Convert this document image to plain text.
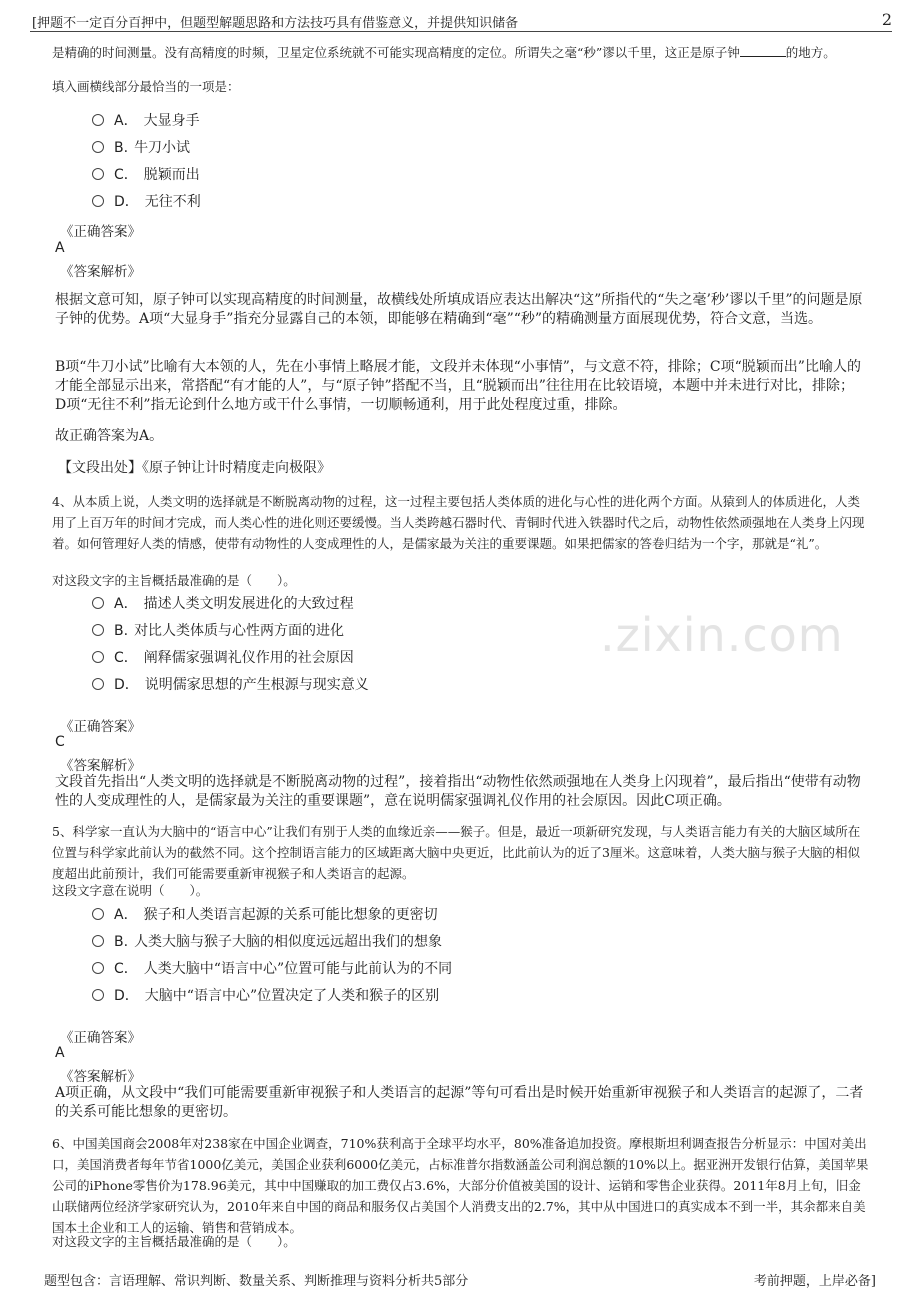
[押题不一定百分百押中，但题型解题思路和方法技巧具有借鉴意义，并提供知识储备	2
.zixin.com
是精确的时间测量。没有高精度的时频，卫星定位系统就不可能实现高精度的定位。所谓失之毫“秒”谬以千里，这正是原子钟	的地方。
填入画横线部分最恰当的一项是：
A． 大显身手
B. 牛刀小试
C． 脱颖而出
D． 无往不利
《正确答案》
A
《答案解析》
根据文意可知，原子钟可以实现高精度的时间测量，故横线处所填成语应表达出解决“这”所指代的“失之毫’秒’谬以千里”的问题是原子钟的优势。A项“大显身手”指充分显露自己的本领，即能够在精确到“毫”“秒”的精确测量方面展现优势，符合文意，当选。
B项“牛刀小试”比喻有大本领的人，先在小事情上略展才能，文段并未体现“小事情”，与文意不符，排除；C项“脱颖而出”比喻人的才能全部显示出来，常搭配“有才能的人”，与“原子钟”搭配不当，且“脱颖而出”往往用在比较语境，本题中并未进行对比，排除；D项“无往不利”指无论到什么地方或干什么事情，一切顺畅通利，用于此处程度过重，排除。
故正确答案为A。
【文段出处】《原子钟让计时精度走向极限》
4、从本质上说，人类文明的选择就是不断脱离动物的过程，这一过程主要包括人类体质的进化与心性的进化两个方面。从猿到人的体质进化，人类用了上百万年的时间才完成，而人类心性的进化则还要缓慢。当人类跨越石器时代、青铜时代进入铁器时代之后，动物性依然顽强地在人类身上闪现着。如何管理好人类的情感，使带有动物性的人变成理性的人，是儒家最为关注的重要课题。如果把儒家的答卷归结为一个字，那就是“礼”。
对这段文字的主旨概括最准确的是（　　）。
A． 描述人类文明发展进化的大致过程
B. 对比人类体质与心性两方面的进化
C． 阐释儒家强调礼仪作用的社会原因
D． 说明儒家思想的产生根源与现实意义
《正确答案》
C
《答案解析》
文段首先指出“人类文明的选择就是不断脱离动物的过程”，接着指出“动物性依然顽强地在人类身上闪现着”，最后指出“使带有动物性的人变成理性的人，是儒家最为关注的重要课题”，意在说明儒家强调礼仪作用的社会原因。因此C项正确。
5、科学家一直认为大脑中的“语言中心”让我们有别于人类的血缘近亲——猴子。但是，最近一项新研究发现，与人类语言能力有关的大脑区域所在位置与科学家此前认为的截然不同。这个控制语言能力的区域距离大脑中央更近，比此前认为的近了3厘米。这意味着，人类大脑与猴子大脑的相似度超出此前预计，我们可能需要重新审视猴子和人类语言的起源。
这段文字意在说明（　　）。
A． 猴子和人类语言起源的关系可能比想象的更密切
B. 人类大脑与猴子大脑的相似度远远超出我们的想象
C． 人类大脑中“语言中心”位置可能与此前认为的不同
D． 大脑中“语言中心”位置决定了人类和猴子的区别
《正确答案》
A
《答案解析》
A项正确，从文段中“我们可能需要重新审视猴子和人类语言的起源”等句可看出是时候开始重新审视猴子和人类语言的起源了，二者的关系可能比想象的更密切。
6、中国美国商会2008年对238家在中国企业调查，710%获利高于全球平均水平，80%准备追加投资。摩根斯坦利调查报告分析显示：中国对美出口，美国消费者每年节省1000亿美元，美国企业获利6000亿美元，占标准普尔指数涵盖公司利润总额的10%以上。据亚洲开发银行估算，美国苹果公司的iPhone零售价为178.96美元，其中中国赚取的加工费仅占3.6%，大部分价值被美国的设计、运销和零售企业获得。2011年8月上旬，旧金山联储两位经济学家研究认为，2010年来自中国的商品和服务仅占美国个人消费支出的2.7%，其中从中国进口的真实成本不到一半，其余都来自美国本土企业和工人的运输、销售和营销成本。
对这段文字的主旨概括最准确的是（　　）。
题型包含：言语理解、常识判断、数量关系、判断推理与资料分析共5部分	考前押题，上岸必备]
